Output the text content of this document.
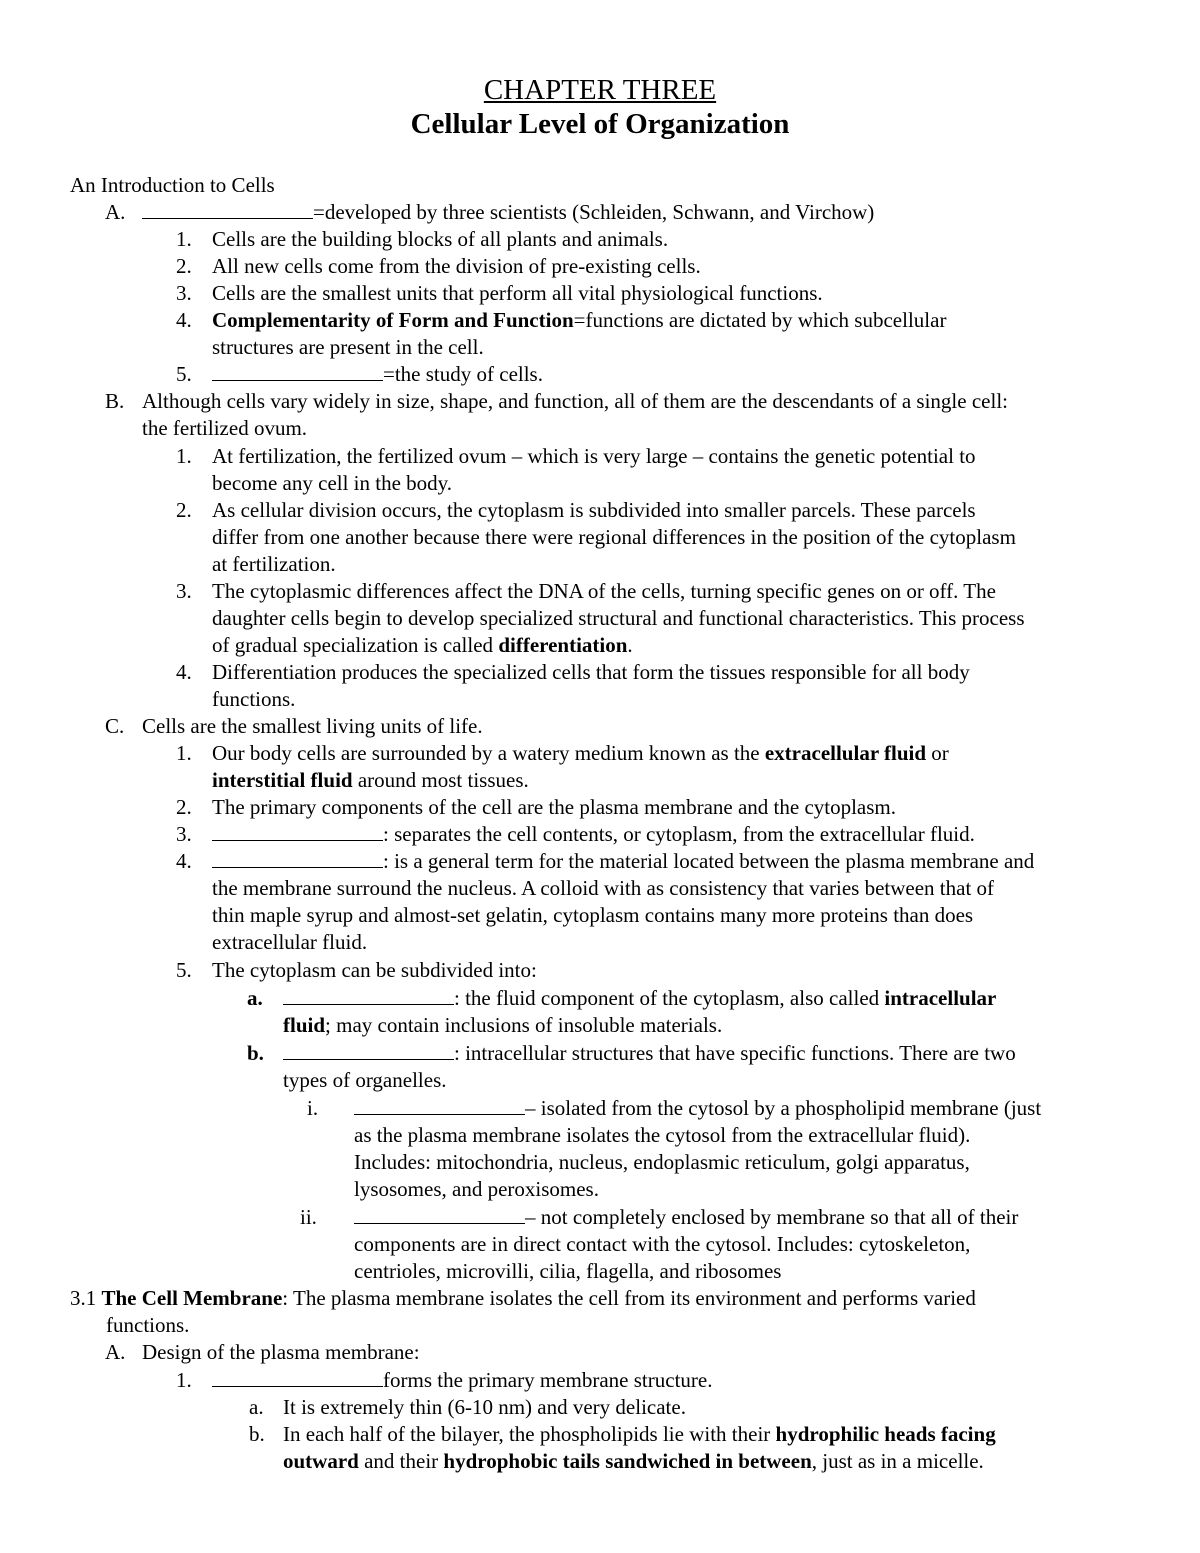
CHAPTER THREE
Cellular Level of Organization
An Introduction to Cells
A.	=developed by three scientists (Schleiden, Schwann, and Virchow)
1. Cells are the building blocks of all plants and animals.
2. All new cells come from the division of pre-existing cells.
3. Cells are the smallest units that perform all vital physiological functions.
4. Complementarity of Form and Function=functions are dictated by which subcellular
structures are present in the cell.
5.	=the study of cells.
B. Although cells vary widely in size, shape, and function, all of them are the descendants of a single cell:
the fertilized ovum.
1. At fertilization, the fertilized ovum – which is very large – contains the genetic potential to
become any cell in the body.
2. As cellular division occurs, the cytoplasm is subdivided into smaller parcels. These parcels
differ from one another because there were regional differences in the position of the cytoplasm
at fertilization.
3. The cytoplasmic differences affect the DNA of the cells, turning specific genes on or off. The
daughter cells begin to develop specialized structural and functional characteristics. This process
of gradual specialization is called differentiation.
4. Differentiation produces the specialized cells that form the tissues responsible for all body
functions.
C. Cells are the smallest living units of life.
1. Our body cells are surrounded by a watery medium known as the extracellular fluid or
interstitial fluid around most tissues.
2. The primary components of the cell are the plasma membrane and the cytoplasm.
3.	: separates the cell contents, or cytoplasm, from the extracellular fluid.
4.	: is a general term for the material located between the plasma membrane and
the membrane surround the nucleus. A colloid with as consistency that varies between that of
thin maple syrup and almost-set gelatin, cytoplasm contains many more proteins than does
extracellular fluid.
5. The cytoplasm can be subdivided into:
a.	: the fluid component of the cytoplasm, also called intracellular
fluid; may contain inclusions of insoluble materials.
b.	: intracellular structures that have specific functions. There are two
types of organelles.
i.	– isolated from the cytosol by a phospholipid membrane (just
as the plasma membrane isolates the cytosol from the extracellular fluid).
Includes: mitochondria, nucleus, endoplasmic reticulum, golgi apparatus,
lysosomes, and peroxisomes.
ii.	– not completely enclosed by membrane so that all of their
components are in direct contact with the cytosol. Includes: cytoskeleton,
centrioles, microvilli, cilia, flagella, and ribosomes
3.1 The Cell Membrane: The plasma membrane isolates the cell from its environment and performs varied
functions.
A. Design of the plasma membrane:
1.	forms the primary membrane structure.
a. It is extremely thin (6-10 nm) and very delicate.
b. In each half of the bilayer, the phospholipids lie with their hydrophilic heads facing
outward and their hydrophobic tails sandwiched in between, just as in a micelle.
